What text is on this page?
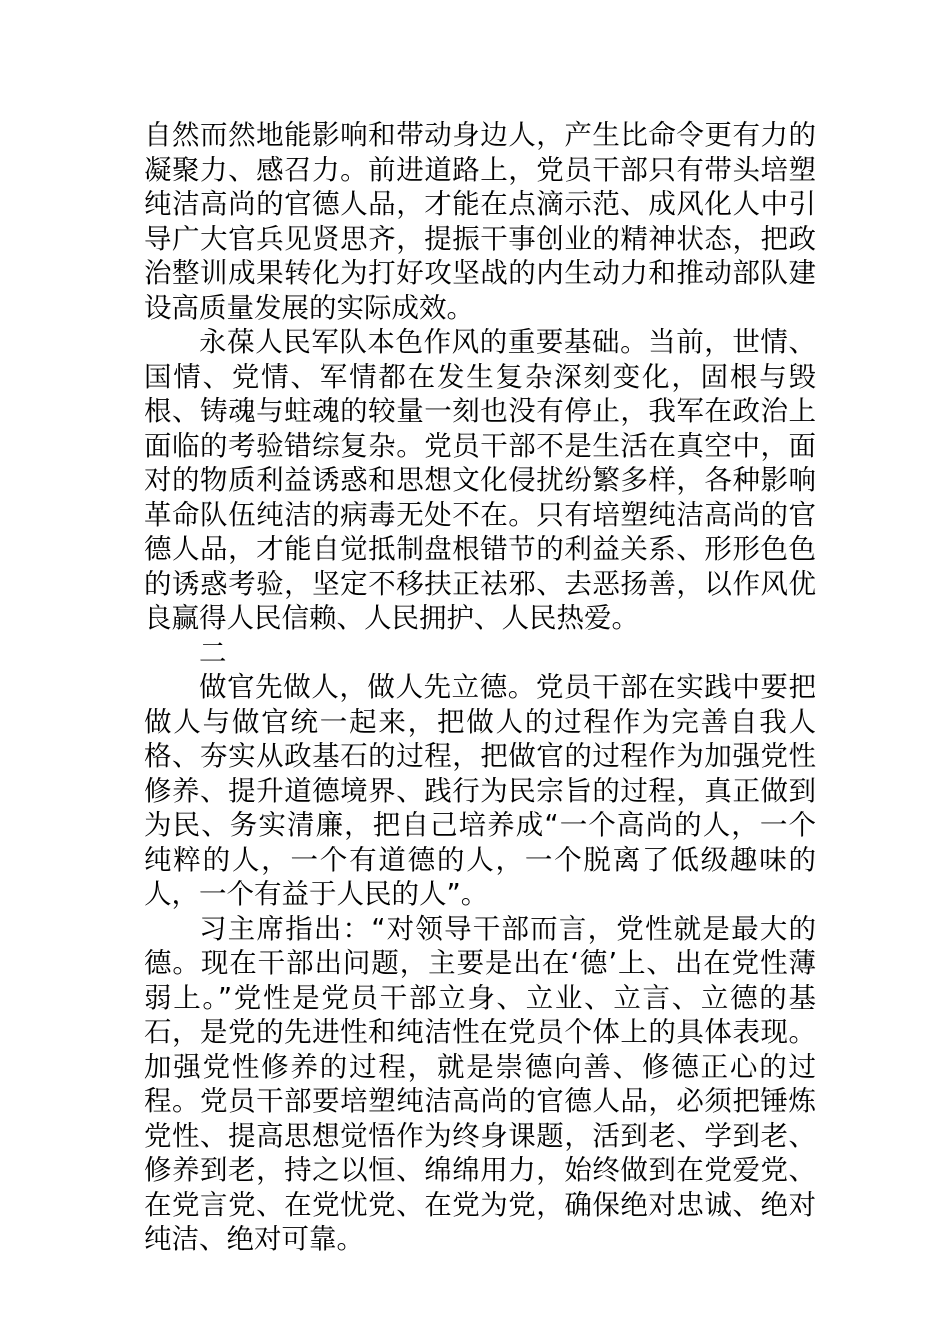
自然而然地能影响和带动身边人，产生比命令更有力的凝聚力、感召力。前进道路上，党员干部只有带头培塑纯洁高尚的官德人品，才能在点滴示范、成风化人中引导广大官兵见贤思齐，提振干事创业的精神状态，把政治整训成果转化为打好攻坚战的内生动力和推动部队建设高质量发展的实际成效。

永葆人民军队本色作风的重要基础。当前，世情、国情、党情、军情都在发生复杂深刻变化，固根与毁根、铸魂与蛀魂的较量一刻也没有停止，我军在政治上面临的考验错综复杂。党员干部不是生活在真空中，面对的物质利益诱惑和思想文化侵扰纷繁多样，各种影响革命队伍纯洁的病毒无处不在。只有培塑纯洁高尚的官德人品，才能自觉抵制盘根错节的利益关系、形形色色的诱惑考验，坚定不移扶正祛邪、去恶扬善，以作风优良赢得人民信赖、人民拥护、人民热爱。

二

做官先做人，做人先立德。党员干部在实践中要把做人与做官统一起来，把做人的过程作为完善自我人格、夯实从政基石的过程，把做官的过程作为加强党性修养、提升道德境界、践行为民宗旨的过程，真正做到为民、务实清廉，把自己培养成“一个高尚的人，一个纯粹的人，一个有道德的人，一个脱离了低级趣味的人，一个有益于人民的人”。

习主席指出：“对领导干部而言，党性就是最大的德。现在干部出问题，主要是出在‘德’上、出在党性薄弱上。”党性是党员干部立身、立业、立言、立德的基石，是党的先进性和纯洁性在党员个体上的具体表现。加强党性修养的过程，就是崇德向善、修德正心的过程。党员干部要培塑纯洁高尚的官德人品，必须把锤炼党性、提高思想觉悟作为终身课题，活到老、学到老、修养到老，持之以恒、绵绵用力，始终做到在党爱党、在党言党、在党忧党、在党为党，确保绝对忠诚、绝对纯洁、绝对可靠。
